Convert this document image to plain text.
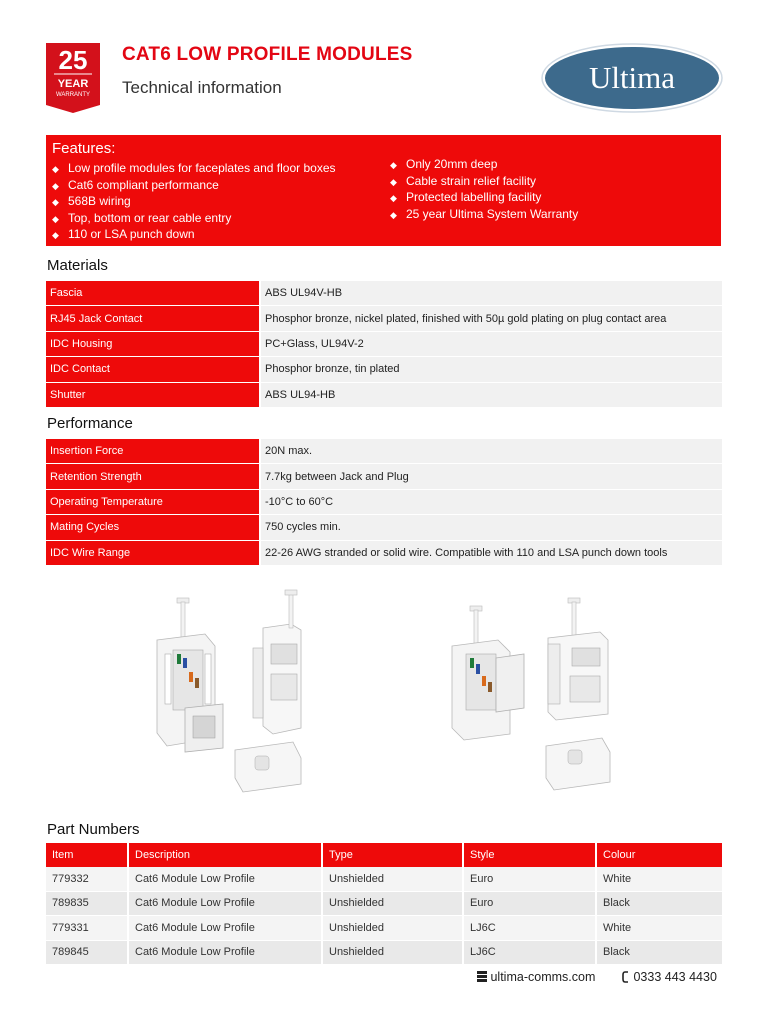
25
YEAR
WARRANTY
CAT6 LOW PROFILE MODULES
Technical information	Ultima
Features:
◆ Low profile modules for faceplates and floor boxes
◆ Cat6 compliant performance
◆ 568B wiring
◆ Top, bottom or rear cable entry
◆ 110 or LSA punch down
◆ Only 20mm deep
◆ Cable strain relief facility
◆ Protected labelling facility
◆ 25 year Ultima System Warranty
Materials
Fascia	ABS UL94V-HB
RJ45 Jack Contact	Phosphor bronze, nickel plated, finished with 50µ gold plating on plug contact area
IDC Housing	PC+Glass, UL94V-2
IDC Contact	Phosphor bronze, tin plated
Shutter	ABS UL94-HB
Performance
Insertion Force	20N max.
Retention Strength	7.7kg between Jack and Plug
Operating Temperature	-10°C to 60°C
Mating Cycles	750 cycles min.
IDC Wire Range	22-26 AWG stranded or solid wire. Compatible with 110 and LSA punch down tools
Part Numbers
Item	Description	Type	Style	Colour
779332	Cat6 Module Low Profile	Unshielded	Euro	White
789835	Cat6 Module Low Profile	Unshielded	Euro	Black
779331	Cat6 Module Low Profile	Unshielded	LJ6C	White
789845	Cat6 Module Low Profile	Unshielded	LJ6C	Black
ultima-comms.com	0333 443 4430
